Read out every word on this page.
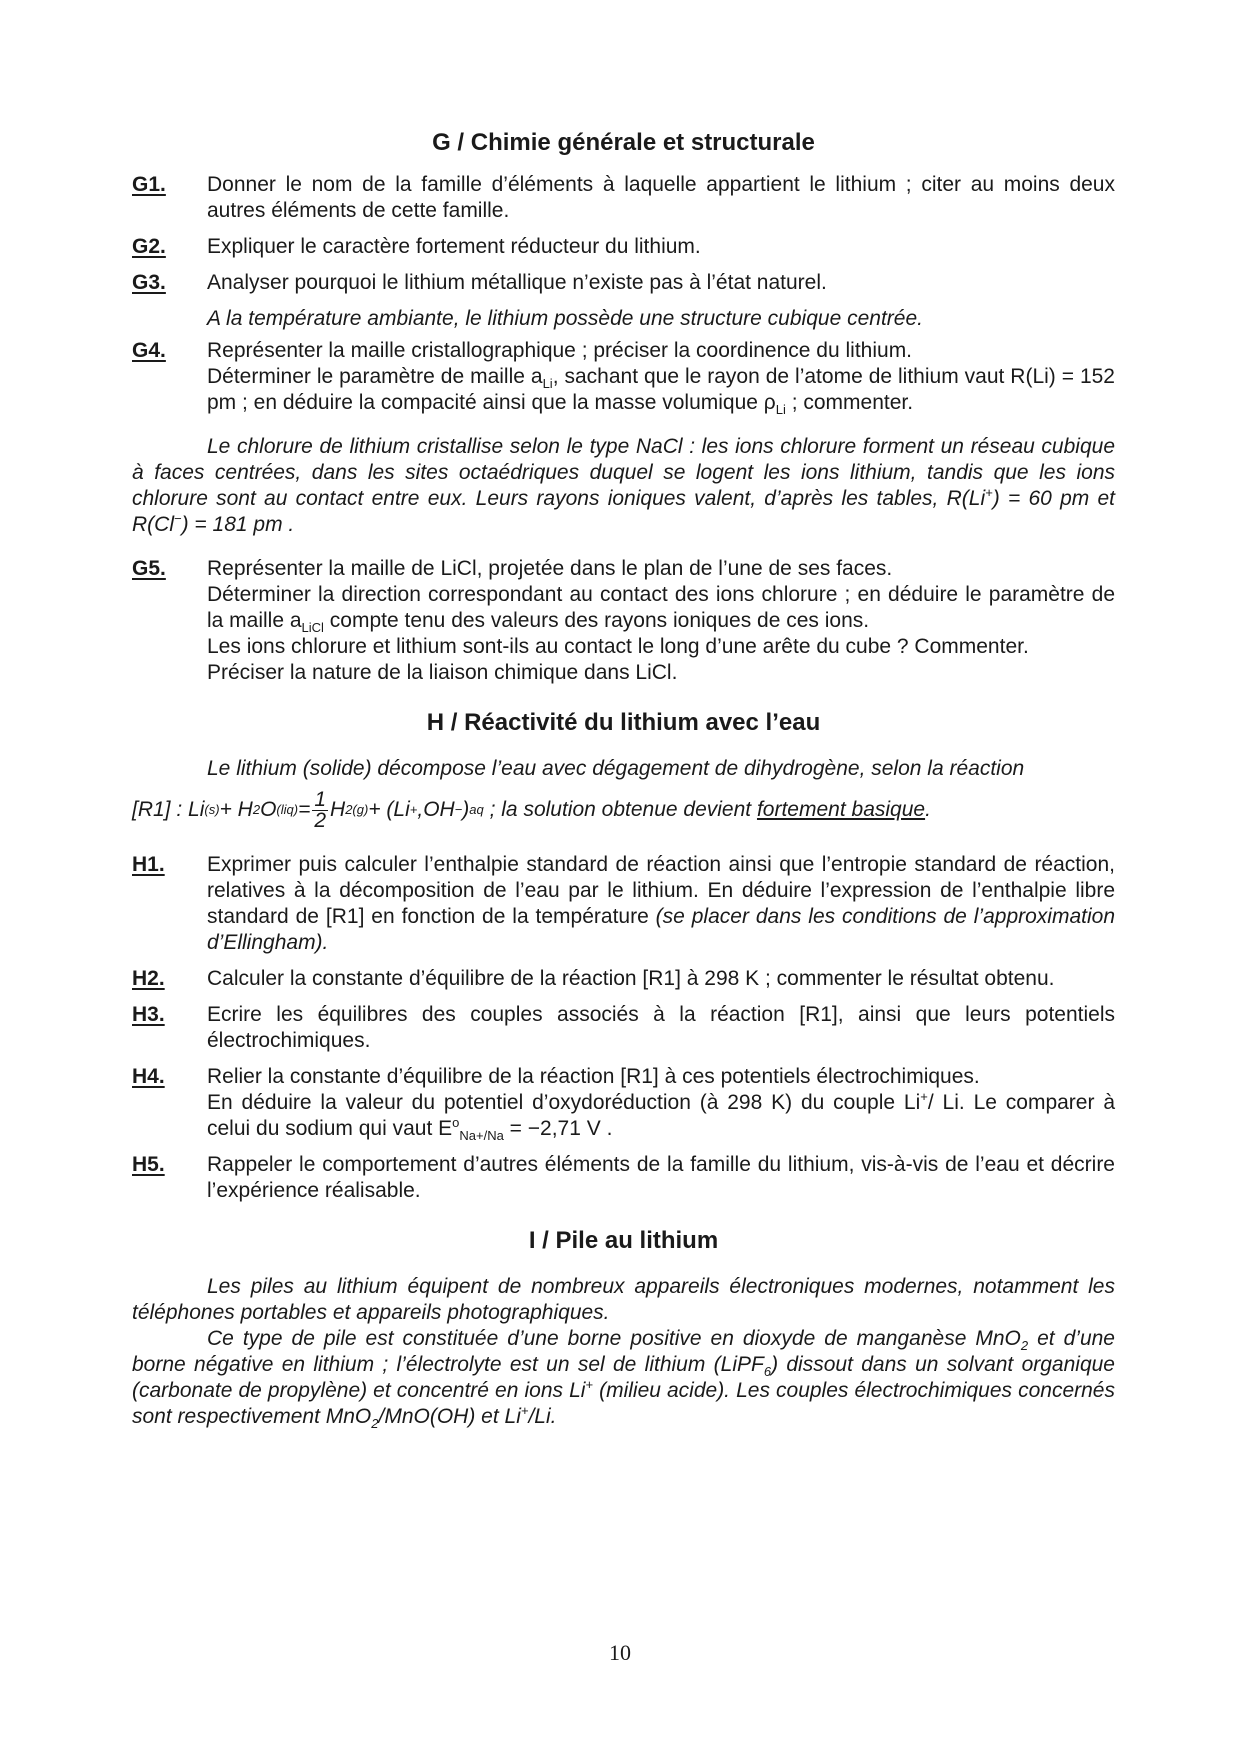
G / Chimie générale et structurale
G1.	Donner le nom de la famille d’éléments à laquelle appartient le lithium ; citer au moins deux autres éléments de cette famille.
G2.	Expliquer le caractère fortement réducteur du lithium.
G3.	Analyser pourquoi le lithium métallique n’existe pas à l’état naturel.

A la température ambiante, le lithium possède une structure cubique centrée.

G4.	Représenter la maille cristallographique ; préciser la coordinence du lithium.
Déterminer le paramètre de maille $a_{Li}$, sachant que le rayon de l’atome de lithium vaut R(Li) = 152 pm ; en déduire la compacité ainsi que la masse volumique $\rho_{Li}$ ; commenter.

Le chlorure de lithium cristallise selon le type NaCl : les ions chlorure forment un réseau cubique à faces centrées, dans les sites octaédriques duquel se logent les ions lithium, tandis que les ions chlorure sont au contact entre eux. Leurs rayons ioniques valent, d’après les tables, R(Li+) = 60 pm et R(Cl−) = 181 pm .

G5.	Représenter la maille de LiCl, projetée dans le plan de l’une de ses faces.
Déterminer la direction correspondant au contact des ions chlorure ; en déduire le paramètre de la maille $a_{LiCl}$ compte tenu des valeurs des rayons ioniques de ces ions.
Les ions chlorure et lithium sont-ils au contact le long d’une arête du cube ? Commenter.
Préciser la nature de la liaison chimique dans LiCl.
H / Réactivité du lithium avec l’eau

Le lithium (solide) décompose l’eau avec dégagement de dihydrogène, selon la réaction

[R1] :
Li (s) + H 2 O $(liq) = \frac{1}{2}$ H 2(g) + (Li + ,OH − ) aq ; la solution obtenue devient fortement basique .
H1.	Exprimer puis calculer l’enthalpie standard de réaction ainsi que l’entropie standard de réaction, relatives à la décomposition de l’eau par le lithium. En déduire l’expression de l’enthalpie libre standard de [R1] en fonction de la température (se placer dans les conditions de l’approximation d’Ellingham).
H2.	Calculer la constante d’équilibre de la réaction [R1] à 298 K ; commenter le résultat obtenu.
H3.	Ecrire les équilibres des couples associés à la réaction [R1], ainsi que leurs potentiels électrochimiques.
H4.	Relier la constante d’équilibre de la réaction [R1] à ces potentiels électrochimiques.
En déduire la valeur du potentiel d’oxydoréduction (à 298 K) du couple Li+/ Li. Le comparer à celui du sodium qui vaut $E^o_{Na+/Na} = -2,71$ V .
H5.	Rappeler le comportement d’autres éléments de la famille du lithium, vis-à-vis de l’eau et décrire l’expérience réalisable.
I / Pile au lithium

Les piles au lithium équipent de nombreux appareils électroniques modernes, notamment les téléphones portables et appareils photographiques.

Ce type de pile est constituée d’une borne positive en dioxyde de manganèse MnO$_2$ et d’une borne négative en lithium ; l’électrolyte est un sel de lithium (LiPF$_6$) dissout dans un solvant organique (carbonate de propylène) et concentré en ions Li+ (milieu acide). Les couples électrochimiques concernés sont respectivement MnO$_2$/MnO(OH) et Li+/Li.

10
